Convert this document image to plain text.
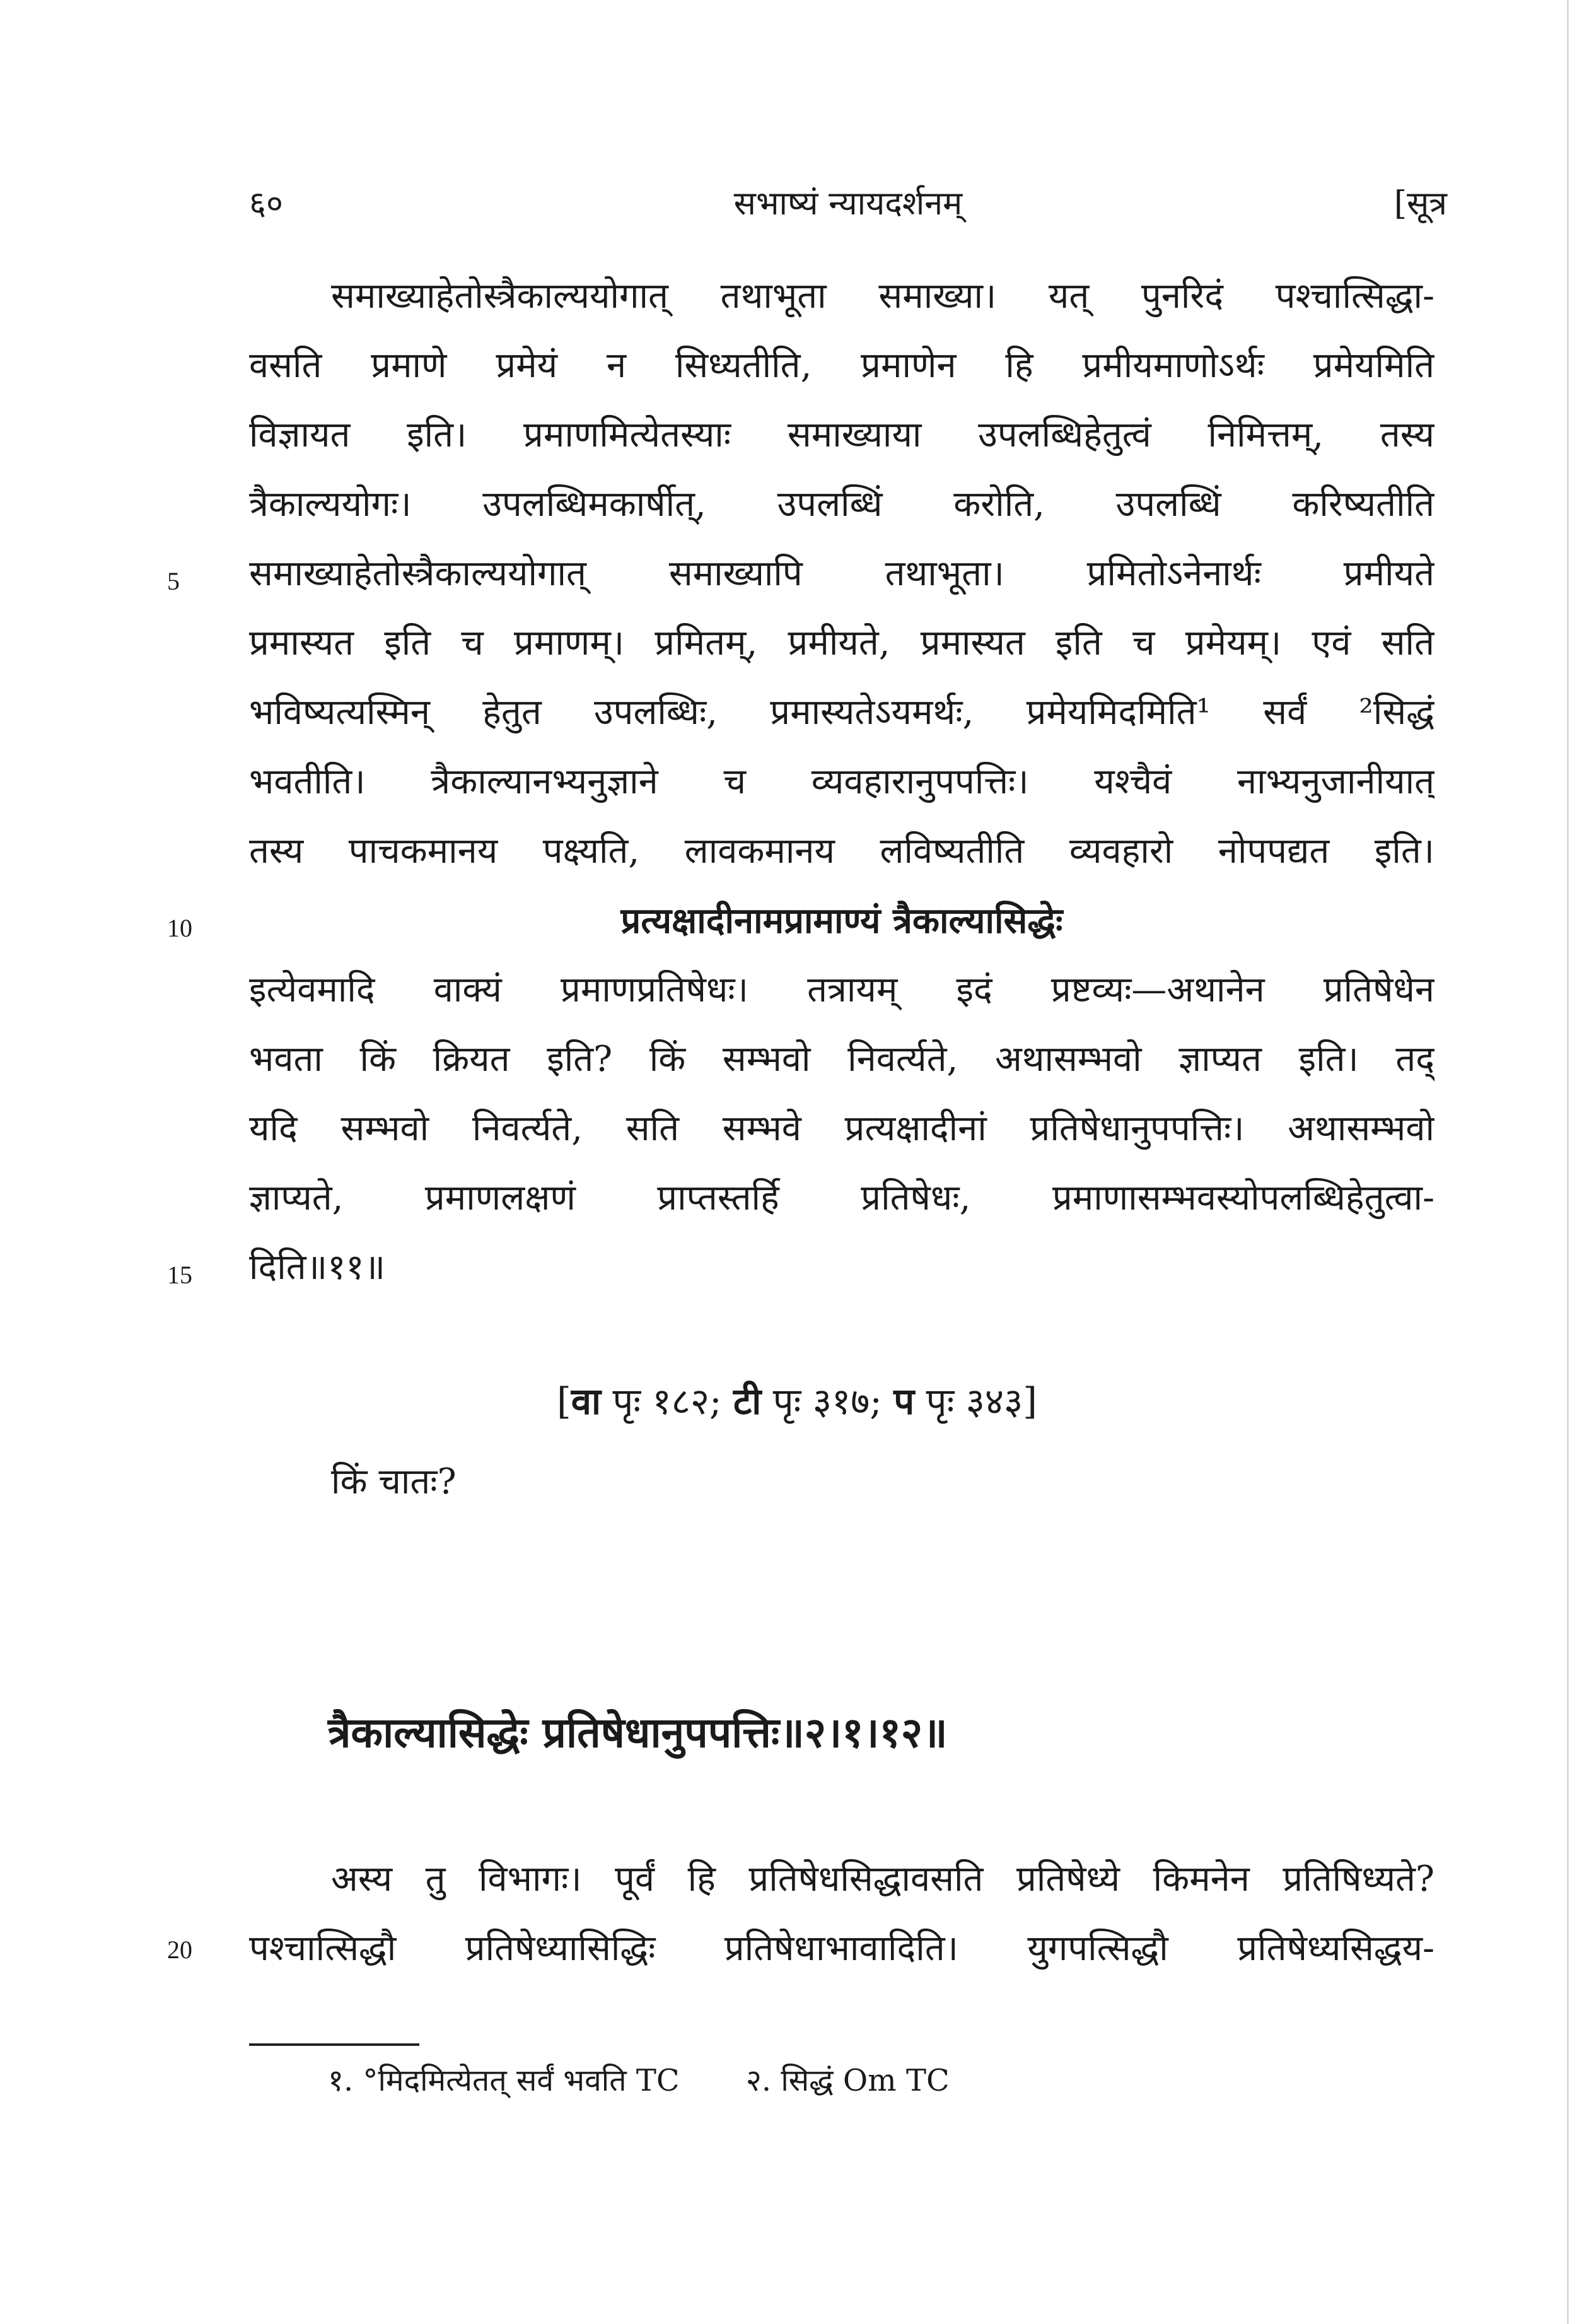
६०	सभाष्यं न्यायदर्शनम्	[सूत्र
समाख्याहेतोस्त्रैकाल्ययोगात् तथाभूता समाख्या। यत् पुनरिदं पश्चात्सिद्धा-
वसति प्रमाणे प्रमेयं न सिध्यतीति, प्रमाणेन हि प्रमीयमाणोऽर्थः प्रमेयमिति
विज्ञायत इति। प्रमाणमित्येतस्याः समाख्याया उपलब्धिहेतुत्वं निमित्तम्, तस्य
त्रैकाल्ययोगः। उपलब्धिमकार्षीत्, उपलब्धिं करोति, उपलब्धिं करिष्यतीति
समाख्याहेतोस्त्रैकाल्ययोगात् समाख्यापि तथाभूता। प्रमितोऽनेनार्थः प्रमीयते
प्रमास्यत इति च प्रमाणम्। प्रमितम्, प्रमीयते, प्रमास्यत इति च प्रमेयम्। एवं सति
भविष्यत्यस्मिन् हेतुत उपलब्धिः, प्रमास्यतेऽयमर्थः, प्रमेयमिदमिति¹ सर्वं ²सिद्धं
भवतीति। त्रैकाल्यानभ्यनुज्ञाने च व्यवहारानुपपत्तिः। यश्चैवं नाभ्यनुजानीयात्
तस्य पाचकमानय पक्ष्यति, लावकमानय लविष्यतीति व्यवहारो नोपपद्यत इति।
प्रत्यक्षादीनामप्रामाण्यं त्रैकाल्यासिद्धेः
इत्येवमादि वाक्यं प्रमाणप्रतिषेधः। तत्रायम् इदं प्रष्टव्यः—अथानेन प्रतिषेधेन
भवता किं क्रियत इति? किं सम्भवो निवर्त्यते, अथासम्भवो ज्ञाप्यत इति। तद्
यदि सम्भवो निवर्त्यते, सति सम्भवे प्रत्यक्षादीनां प्रतिषेधानुपपत्तिः। अथासम्भवो
ज्ञाप्यते, प्रमाणलक्षणं प्राप्तस्तर्हि प्रतिषेधः, प्रमाणासम्भवस्योपलब्धिहेतुत्वा-
दिति॥११॥
5
10
15
20
[वा पृः १८२; टी पृः ३१७; प पृः ३४३]
किं चातः?
त्रैकाल्यासिद्धेः प्रतिषेधानुपपत्तिः॥२।१।१२॥
अस्य तु विभागः। पूर्वं हि प्रतिषेधसिद्धावसति प्रतिषेध्ये किमनेन प्रतिषिध्यते?
पश्चात्सिद्धौ प्रतिषेध्यासिद्धिः प्रतिषेधाभावादिति। युगपत्सिद्धौ प्रतिषेध्यसिद्धय-
१. °मिदमित्येतत् सर्वं भवति TC २. सिद्धं Om TC
